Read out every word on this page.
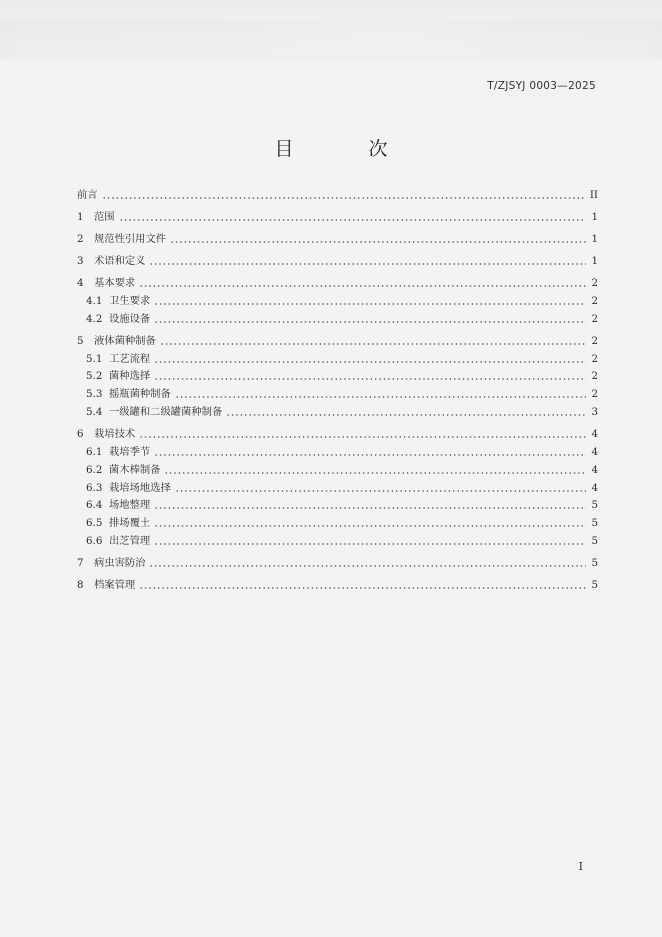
T/ZJSYJ 0003—2025
目　次
前言	II
1	范围	1
2	规范性引用文件	1
3	术语和定义	1
4	基本要求	2
4.1 卫生要求	2
4.2 设施设备	2
5	液体菌种制备	2
5.1 工艺流程	2
5.2 菌种选择	2
5.3 摇瓶菌种制备	2
5.4 一级罐和二级罐菌种制备	3
6	栽培技术	4
6.1 栽培季节	4
6.2 菌木棒制备	4
6.3 栽培场地选择	4
6.4 场地整理	5
6.5 排场覆土	5
6.6 出芝管理	5
7	病虫害防治	5
8	档案管理	5
I
